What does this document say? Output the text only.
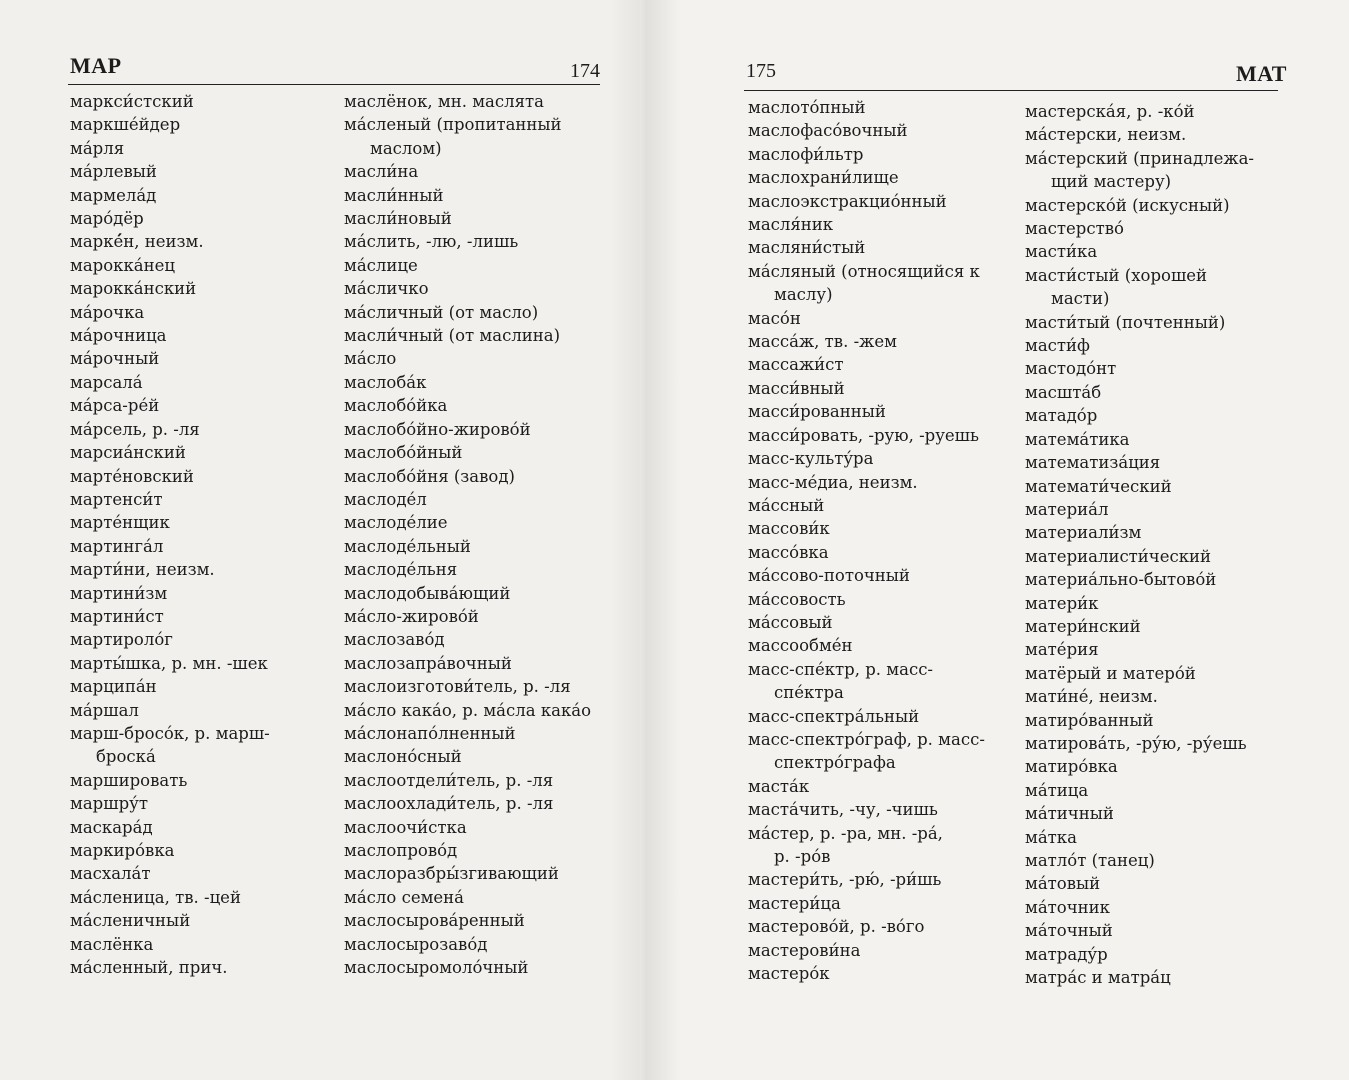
МАР	174
маркси́стский
маркше́йдер
ма́рля
ма́рлевый
мармела́д
маро́дёр
маркé́н, неизм.
марокка́нец
марокка́нский
ма́рочка
ма́рочница
ма́рочный
марсала́
ма́рса-ре́й
ма́рсель, р. -ля
марсиа́нский
марте́новский
мартенси́т
марте́нщик
мартинга́л
марти́ни, неизм.
мартини́зм
мартини́ст
мартироло́г
марты́шка, р. мн. -шек
марципа́н
ма́ршал
марш-бросо́к, р. марш-
броска́
маршировать
маршру́т
маскара́д
маркиро́вка
масхала́т
ма́сленица, тв. -цей
ма́сленичный
маслёнка
ма́сленный, прич.
маслёнок, мн. маслята
ма́сленый (пропитанный
маслом)
масли́на
масли́нный
масли́новый
ма́слить, -лю, -лишь
ма́слице
ма́сличко
ма́сличный (от масло)
масли́чный (от маслина)
ма́сло
маслоба́к
маслобо́йка
маслобо́йно-жирово́й
маслобо́йный
маслобо́йня (завод)
маслоде́л
маслоде́лие
маслоде́льный
маслоде́льня
маслодобыва́ющий
ма́сло-жирово́й
маслозаво́д
маслозапра́вочный
маслоизготови́тель, р. -ля
ма́сло кака́о, р. ма́сла кака́о
ма́слонапо́лненный
маслоно́сный
маслоотдели́тель, р. -ля
маслоохлади́тель, р. -ля
маслоочи́стка
маслопрово́д
маслоразбры́згивающий
ма́сло семена́
маслосырова́ренный
маслосырозаво́д
маслосыромоло́чный
175	МАТ
маслото́пный
маслофасо́вочный
маслофи́льтр
маслохрани́лище
маслоэкстракцио́нный
масля́ник
масляни́стый
ма́сляный (относящийся к
маслу)
масо́н
масса́ж, тв. -жем
массажи́ст
масси́вный
масси́рованный
масси́ровать, -рую, -руешь
масс-культу́ра
масс-ме́диа, неизм.
ма́ссный
массови́к
массо́вка
ма́ссово-поточный
ма́ссовость
ма́ссовый
массообме́н
масс-спе́ктр, р. масс-
спе́ктра
масс-спектра́льный
масс-спектро́граф, р. масс-
спектро́графа
маста́к
маста́чить, -чу, -чишь
ма́стер, р. -ра, мн. -ра́,
р. -ро́в
мастери́ть, -рю́, -ри́шь
мастери́ца
мастерово́й, р. -во́го
мастерови́на
мастеро́к
мастерска́я, р. -ко́й
ма́стерски, неизм.
ма́стерский (принадлежа-
щий мастеру)
мастерско́й (искусный)
мастерство́
масти́ка
масти́стый (хорошей
масти)
масти́тый (почтенный)
масти́ф
мастодо́нт
масшта́б
матадо́р
матема́тика
математиза́ция
математи́ческий
материа́л
материали́зм
материалисти́ческий
материа́льно-бытово́й
матери́к
матери́нский
мате́рия
матёрый и матеро́й
мати́не́, неизм.
матиро́ванный
матирова́ть, -ру́ю, -ру́ешь
матиро́вка
ма́тица
ма́тичный
ма́тка
матло́т (танец)
ма́товый
ма́точник
ма́точный
матраду́р
матра́с и матра́ц
